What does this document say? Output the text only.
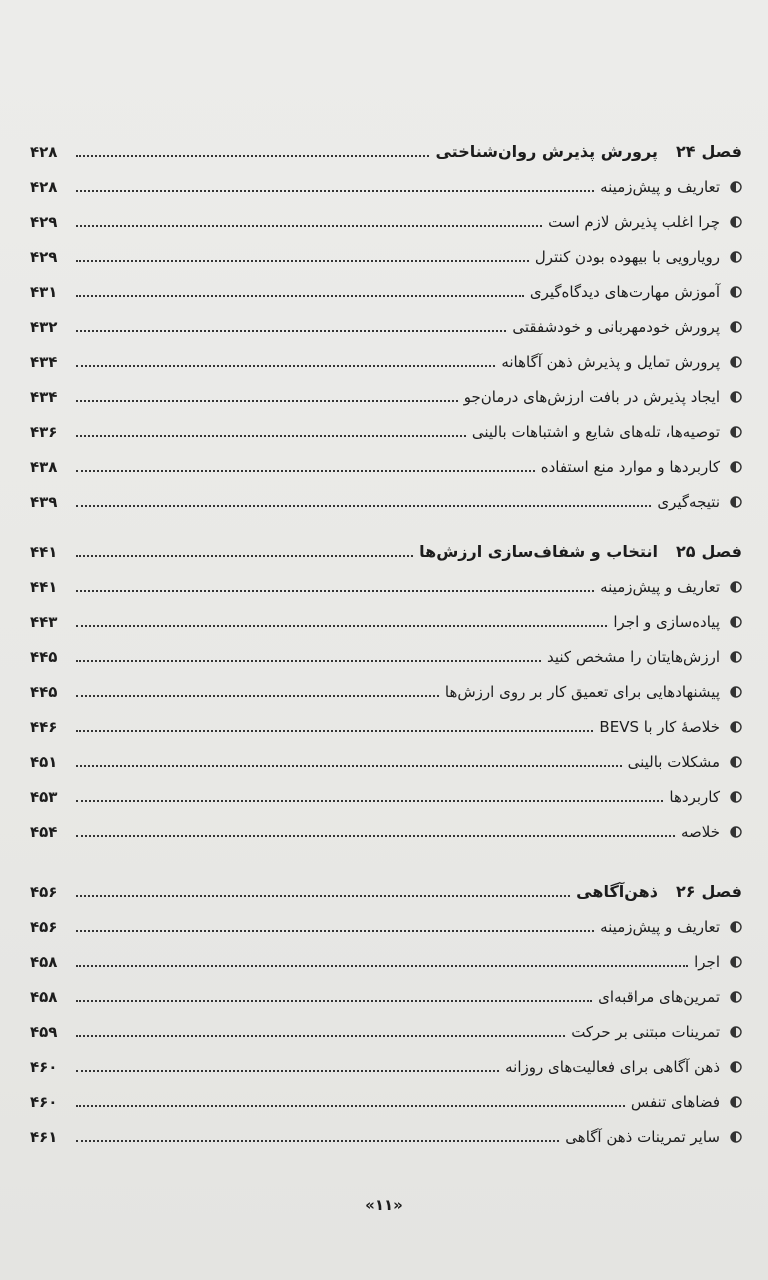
فصل
۲۴
پرورش پذیرش روان‌شناختی
۴۲۸
تعاریف و پیش‌زمینه
۴۲۸
چرا اغلب پذیرش لازم است
۴۲۹
رویارویی با بیهوده بودن کنترل
۴۲۹
آموزش مهارت‌های دیدگاه‌گیری
۴۳۱
پرورش خودمهربانی و خودشفقتی
۴۳۲
پرورش تمایل و پذیرش ذهن آگاهانه
۴۳۴
ایجاد پذیرش در بافت ارزش‌های درمان‌جو
۴۳۴
توصیه‌ها، تله‌های شایع و اشتباهات بالینی
۴۳۶
کاربردها و موارد منع استفاده
۴۳۸
نتیجه‌گیری
۴۳۹
فصل
۲۵
انتخاب و شفاف‌سازی ارزش‌ها
۴۴۱
تعاریف و پیش‌زمینه
۴۴۱
پیاده‌سازی و اجرا
۴۴۳
ارزش‌هایتان را مشخص کنید
۴۴۵
پیشنهادهایی برای تعمیق کار بر روی ارزش‌ها
۴۴۵
خلاصهٔ کار با BEVS
۴۴۶
مشکلات بالینی
۴۵۱
کاربردها
۴۵۳
خلاصه
۴۵۴
فصل
۲۶
ذهن‌آگاهی
۴۵۶
تعاریف و پیش‌زمینه
۴۵۶
اجرا
۴۵۸
تمرین‌های مراقبه‌ای
۴۵۸
تمرینات مبتنی بر حرکت
۴۵۹
ذهن آگاهی برای فعالیت‌های روزانه
۴۶۰
فضاهای تنفس
۴۶۰
سایر تمرینات ذهن آگاهی
۴۶۱
«۱۱»
